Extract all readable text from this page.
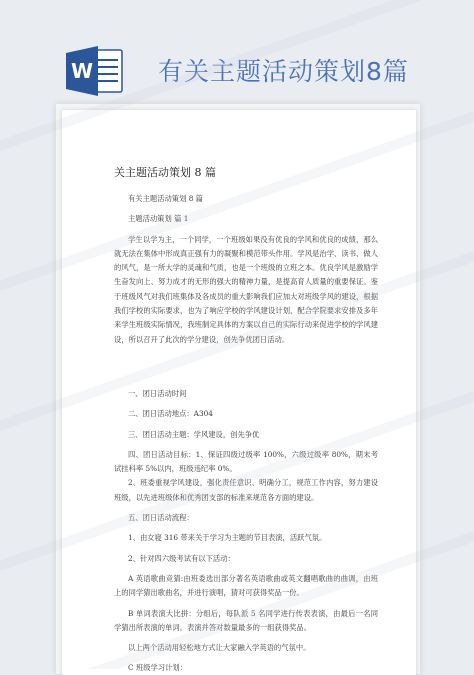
W	有关主题活动策划8篇
关主题活动策划 8 篇

有关主题活动策划 8 篇

主题活动策划 篇 1

学生以学为主，一个同学，一个班级如果没有优良的学风和优良的成绩，那么就无法在集体中形成真正强有力的凝聚和模范带头作用。学风是治学、读书、做人的风气，是一所大学的灵魂和气质，也是一个班级的立班之本。优良学风是激励学生奋发向上、努力成才的无形的强大的精神力量，是提高育人质量的重要保证。鉴于班级风气对我们班集体及各成员的重大影响我们应加大对班级学风的建设，根据我们学校的实际要求，也为了响应学校的学风建设计划，配合学院要求安排及多年来学生班级实际情况，我班制定具体的方案以自己的实际行动来促进学校的学风建设，所以召开了此次的学分建设，创先争优团日活动。

一、团日活动时间

二、团日活动地点：A304

三、团日活动主题：学风建设，创先争优

四、团日活动目标：1、保证四级过级率 100%，六级过级率 80%，期末考试挂科率 5%以内，班级违纪率 0%。

2、班委重视学风建设，强化责任意识、明确分工，规范工作内容，努力建设班级，以先进班级体和优秀团支部的标准来规范各方面的建设。

五、团日活动流程：

1、由女寝 316 带来关于学习为主题的节目表演，活跃气氛。

2、针对四六级考试有以下活动：

A 英语歌曲竞猜:由班委选出部分著名英语歌曲或英文翻唱歌曲的曲调，由班上的同学猜出歌曲名，并进行演唱，猜对可获得奖品一份。

B 单词表演大比拼：分组后，每队派 5 名同学进行传表表演，由最后一名同学猜出所表演的单词。表演并答对数量最多的一组获得奖品。

以上两个活动用轻松地方式让大家融入学英语的气氛中。

C 班级学习计划：
